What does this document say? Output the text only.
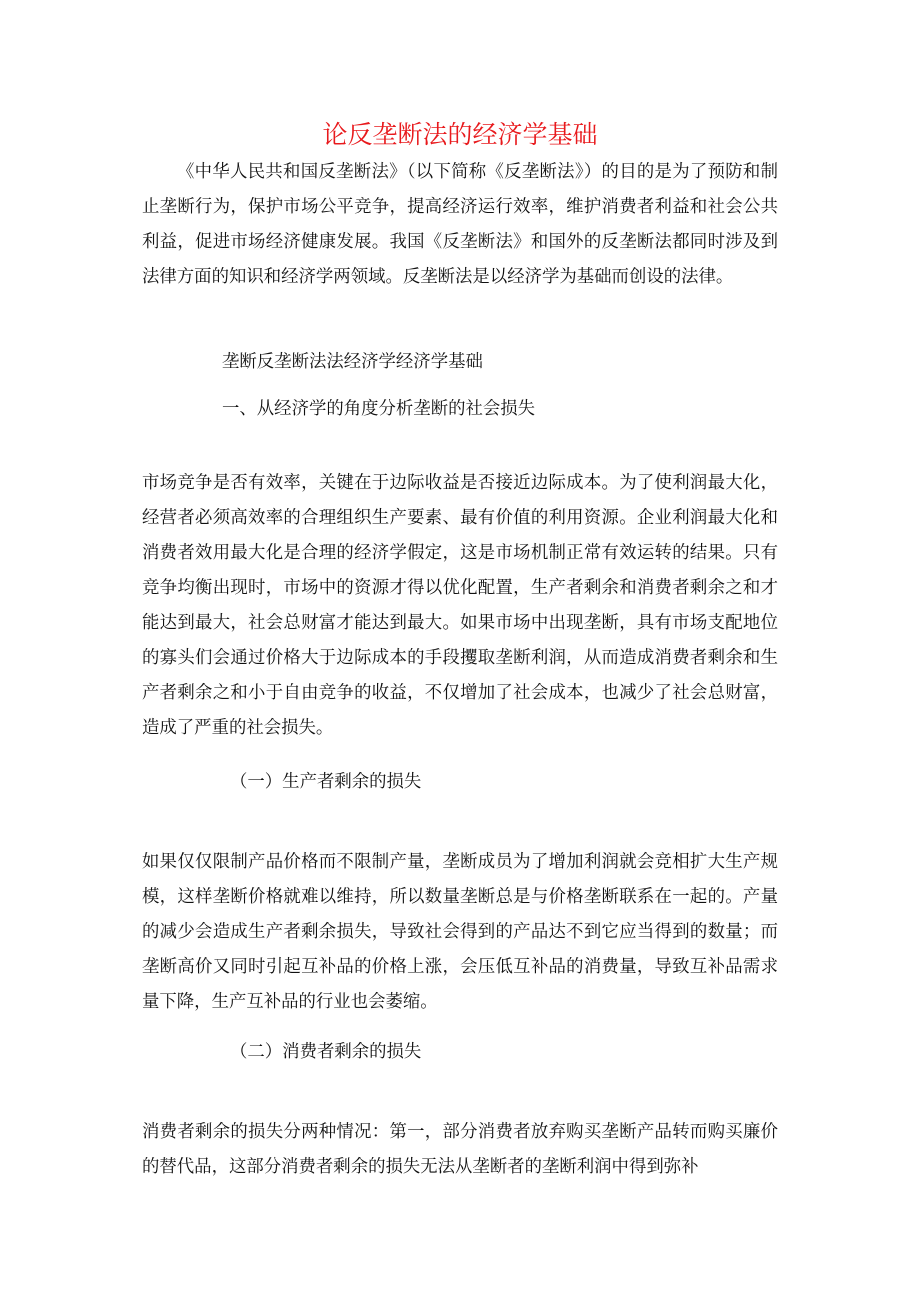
论反垄断法的经济学基础

《中华人民共和国反垄断法》（以下简称《反垄断法》）的目的是为了预防和制止垄断行为，保护市场公平竞争，提高经济运行效率，维护消费者利益和社会公共利益，促进市场经济健康发展。我国《反垄断法》和国外的反垄断法都同时涉及到法律方面的知识和经济学两领域。反垄断法是以经济学为基础而创设的法律。

垄断反垄断法法经济学经济学基础
一、从经济学的角度分析垄断的社会损失

市场竞争是否有效率，关键在于边际收益是否接近边际成本。为了使利润最大化，经营者必须高效率的合理组织生产要素、最有价值的利用资源。企业利润最大化和消费者效用最大化是合理的经济学假定，这是市场机制正常有效运转的结果。只有竞争均衡出现时，市场中的资源才得以优化配置，生产者剩余和消费者剩余之和才能达到最大，社会总财富才能达到最大。如果市场中出现垄断，具有市场支配地位的寡头们会通过价格大于边际成本的手段攫取垄断利润，从而造成消费者剩余和生产者剩余之和小于自由竞争的收益，不仅增加了社会成本，也减少了社会总财富，造成了严重的社会损失。

（一）生产者剩余的损失

如果仅仅限制产品价格而不限制产量，垄断成员为了增加利润就会竞相扩大生产规模，这样垄断价格就难以维持，所以数量垄断总是与价格垄断联系在一起的。产量的减少会造成生产者剩余损失，导致社会得到的产品达不到它应当得到的数量；而垄断高价又同时引起互补品的价格上涨，会压低互补品的消费量，导致互补品需求量下降，生产互补品的行业也会萎缩。

（二）消费者剩余的损失

消费者剩余的损失分两种情况：第一，部分消费者放弃购买垄断产品转而购买廉价的替代品，这部分消费者剩余的损失无法从垄断者的垄断利润中得到弥补
